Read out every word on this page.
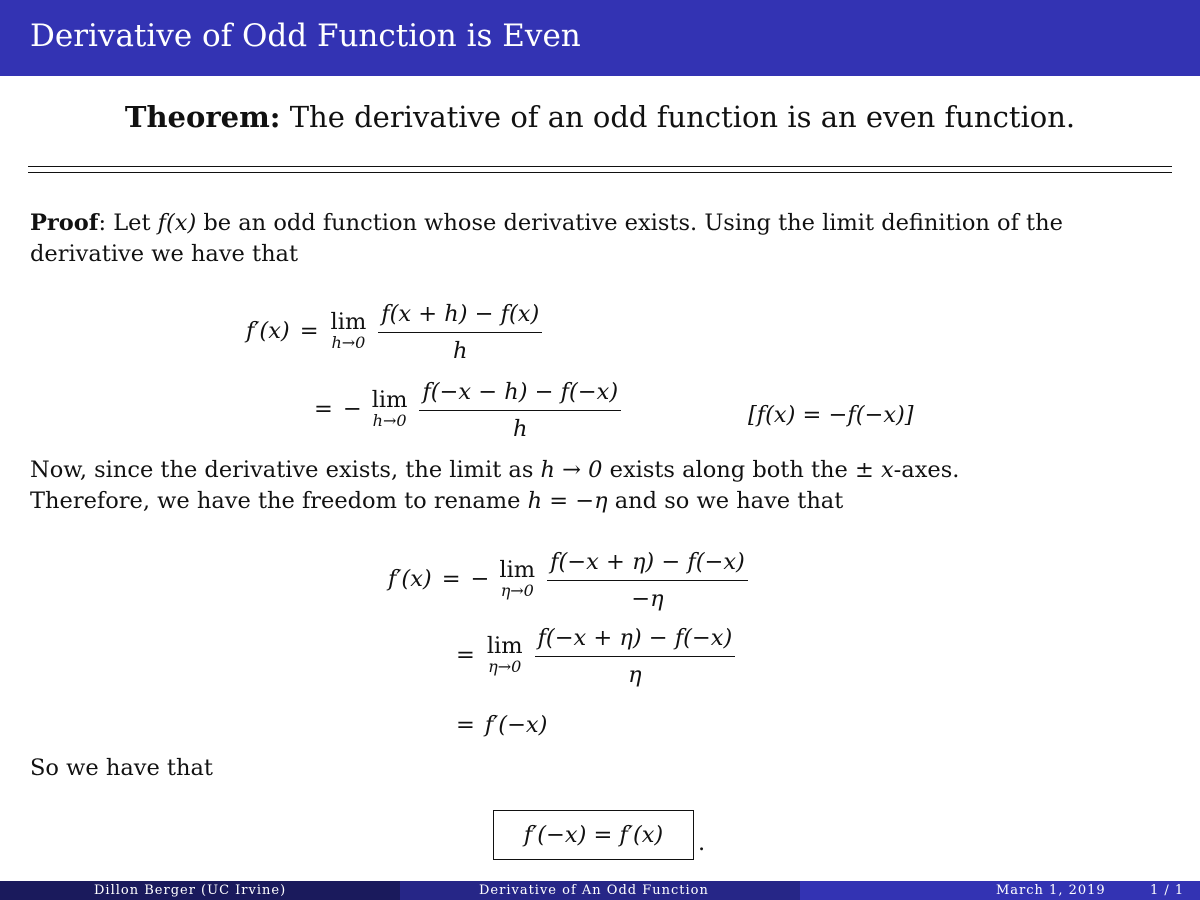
Derivative of Odd Function is Even
Theorem: The derivative of an odd function is an even function.
Proof: Let f(x) be an odd function whose derivative exists. Using the limit definition of the
derivative we have that
f′(x) = lim
$h\to 0 \frac{f(x + h) - f(x)}{h}$
= − lim
$h\to 0 \frac{f(-x - h) - f(-x)}{h}$	[f(x) = −f(−x)]
Now, since the derivative exists, the limit as h → 0 exists along both the ± x-axes.
Therefore, we have the freedom to rename h = −η and so we have that
f′(x) = − lim
$\eta\to 0 \frac{f(-x + \eta) - f(-x)}{-\eta}$
= lim
$\eta\to 0 \frac{f(-x + \eta) - f(-x)}{\eta}$
= f′(−x)
So we have that
f′(−x) = f′(x)	.
Dillon Berger (UC Irvine)	Derivative of An Odd Function	March 1, 2019	1 / 1
